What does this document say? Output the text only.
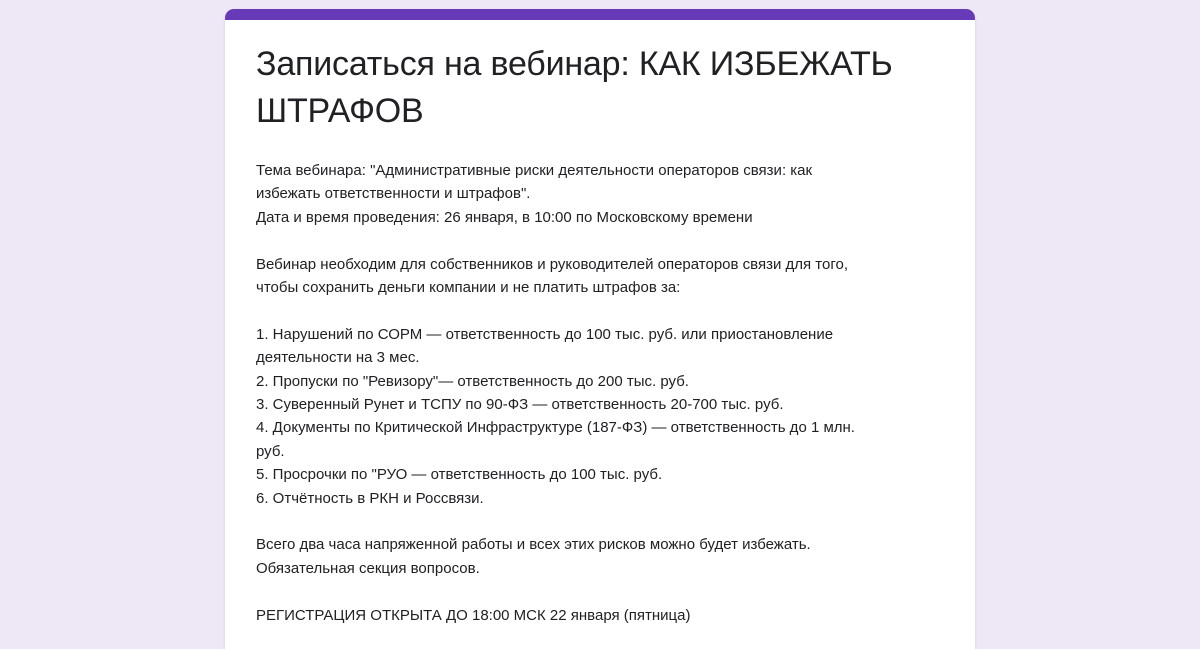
Записаться на вебинар: КАК ИЗБЕЖАТЬ
ШТРАФОВ
Тема вебинара: "Административные риски деятельности операторов связи: как
избежать ответственности и штрафов".
Дата и время проведения: 26 января, в 10:00 по Московскому времени
Вебинар необходим для собственников и руководителей операторов связи для того,
чтобы сохранить деньги компании и не платить штрафов за:
1. Нарушений по СОРМ — ответственность до 100 тыс. руб. или приостановление
деятельности на 3 мес.
2. Пропуски по "Ревизору"— ответственность до 200 тыс. руб.
3. Суверенный Рунет и ТСПУ по 90-ФЗ — ответственность 20-700 тыс. руб.
4. Документы по Критической Инфраструктуре (187-ФЗ) — ответственность до 1 млн.
руб.
5. Просрочки по "РУО — ответственность до 100 тыс. руб.
6. Отчётность в РКН и Россвязи.
Всего два часа напряженной работы и всех этих рисков можно будет избежать.
Обязательная секция вопросов.
РЕГИСТРАЦИЯ ОТКРЫТА ДО 18:00 МСК 22 января (пятница)
